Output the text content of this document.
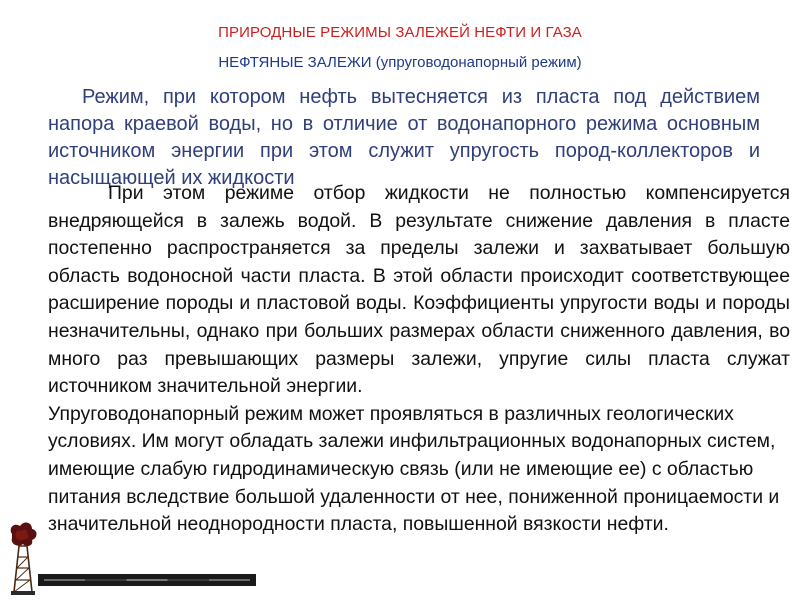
ПРИРОДНЫЕ РЕЖИМЫ ЗАЛЕЖЕЙ НЕФТИ И ГАЗА
НЕФТЯНЫЕ ЗАЛЕЖИ (упруговодонапорный режим)

Режим, при котором нефть вытесняется из пласта под действием напора краевой воды, но в отличие от водонапорного режима основным источником энергии при этом служит упругость пород-коллекторов и насыщающей их жидкости

При этом режиме отбор жидкости не полностью компенсируется внедряющейся в залежь водой. В результате снижение давления в пласте постепенно распространяется за пределы залежи и захватывает большую область водоносной части пласта. В этой области происходит соответствующее расширение породы и пластовой воды. Коэффициенты упругости воды и породы незначительны, однако при больших размерах области сниженного давления, во много раз превышающих размеры залежи, упругие силы пласта служат источником значительной энергии.
Упруговодонапорный режим может проявляться в различных геологических условиях. Им могут обладать залежи инфильтрационных водонапорных систем, имеющие слабую гидродинамическую связь (или не имеющие ее) с областью питания вследствие большой удаленности от нее, пониженной проницаемости и значительной неоднородности пласта, повышенной вязкости нефти.
